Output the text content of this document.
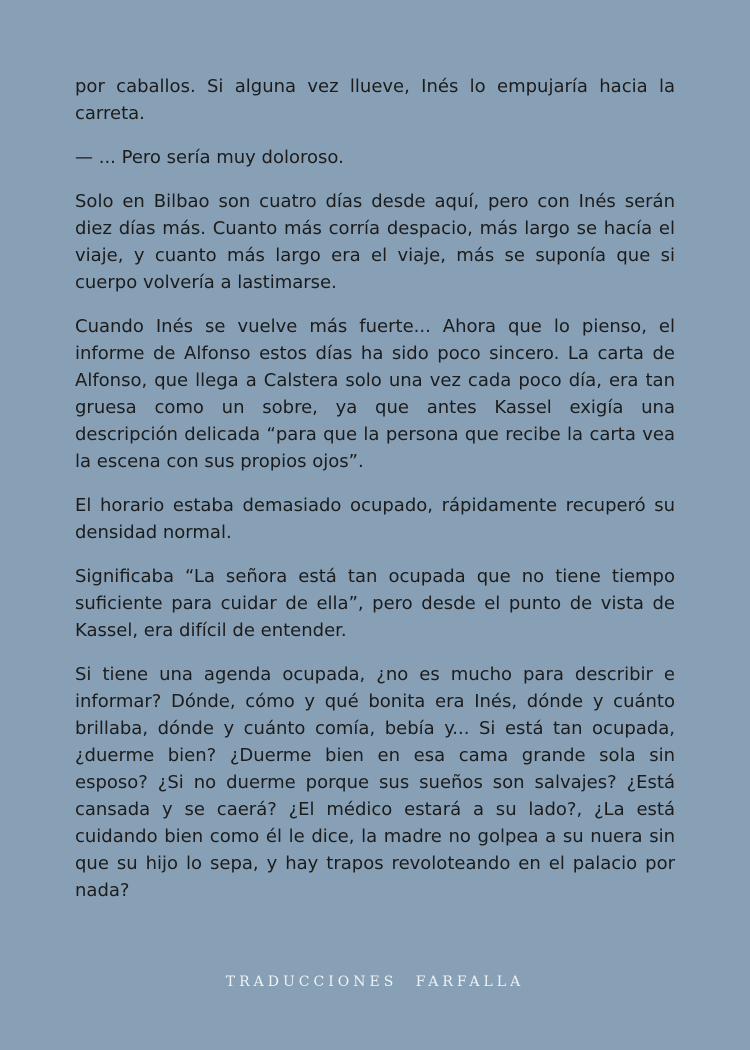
por caballos. Si alguna vez llueve, Inés lo empujaría hacia la carreta.

— ... Pero sería muy doloroso.

Solo en Bilbao son cuatro días desde aquí, pero con Inés serán diez días más. Cuanto más corría despacio, más largo se hacía el viaje, y cuanto más largo era el viaje, más se suponía que si cuerpo volvería a lastimarse.

Cuando Inés se vuelve más fuerte... Ahora que lo pienso, el informe de Alfonso estos días ha sido poco sincero. La carta de Alfonso, que llega a Calstera solo una vez cada poco día, era tan gruesa como un sobre, ya que antes Kassel exigía una descripción delicada “para que la persona que recibe la carta vea la escena con sus propios ojos”.

El horario estaba demasiado ocupado, rápidamente recuperó su densidad normal.

Significaba “La señora está tan ocupada que no tiene tiempo suficiente para cuidar de ella”, pero desde el punto de vista de Kassel, era difícil de entender.

Si tiene una agenda ocupada, ¿no es mucho para describir e informar? Dónde, cómo y qué bonita era Inés, dónde y cuánto brillaba, dónde y cuánto comía, bebía y... Si está tan ocupada, ¿duerme bien? ¿Duerme bien en esa cama grande sola sin esposo? ¿Si no duerme porque sus sueños son salvajes? ¿Está cansada y se caerá? ¿El médico estará a su lado?, ¿La está cuidando bien como él le dice, la madre no golpea a su nuera sin que su hijo lo sepa, y hay trapos revoloteando en el palacio por nada?

TRADUCCIONES FARFALLA
